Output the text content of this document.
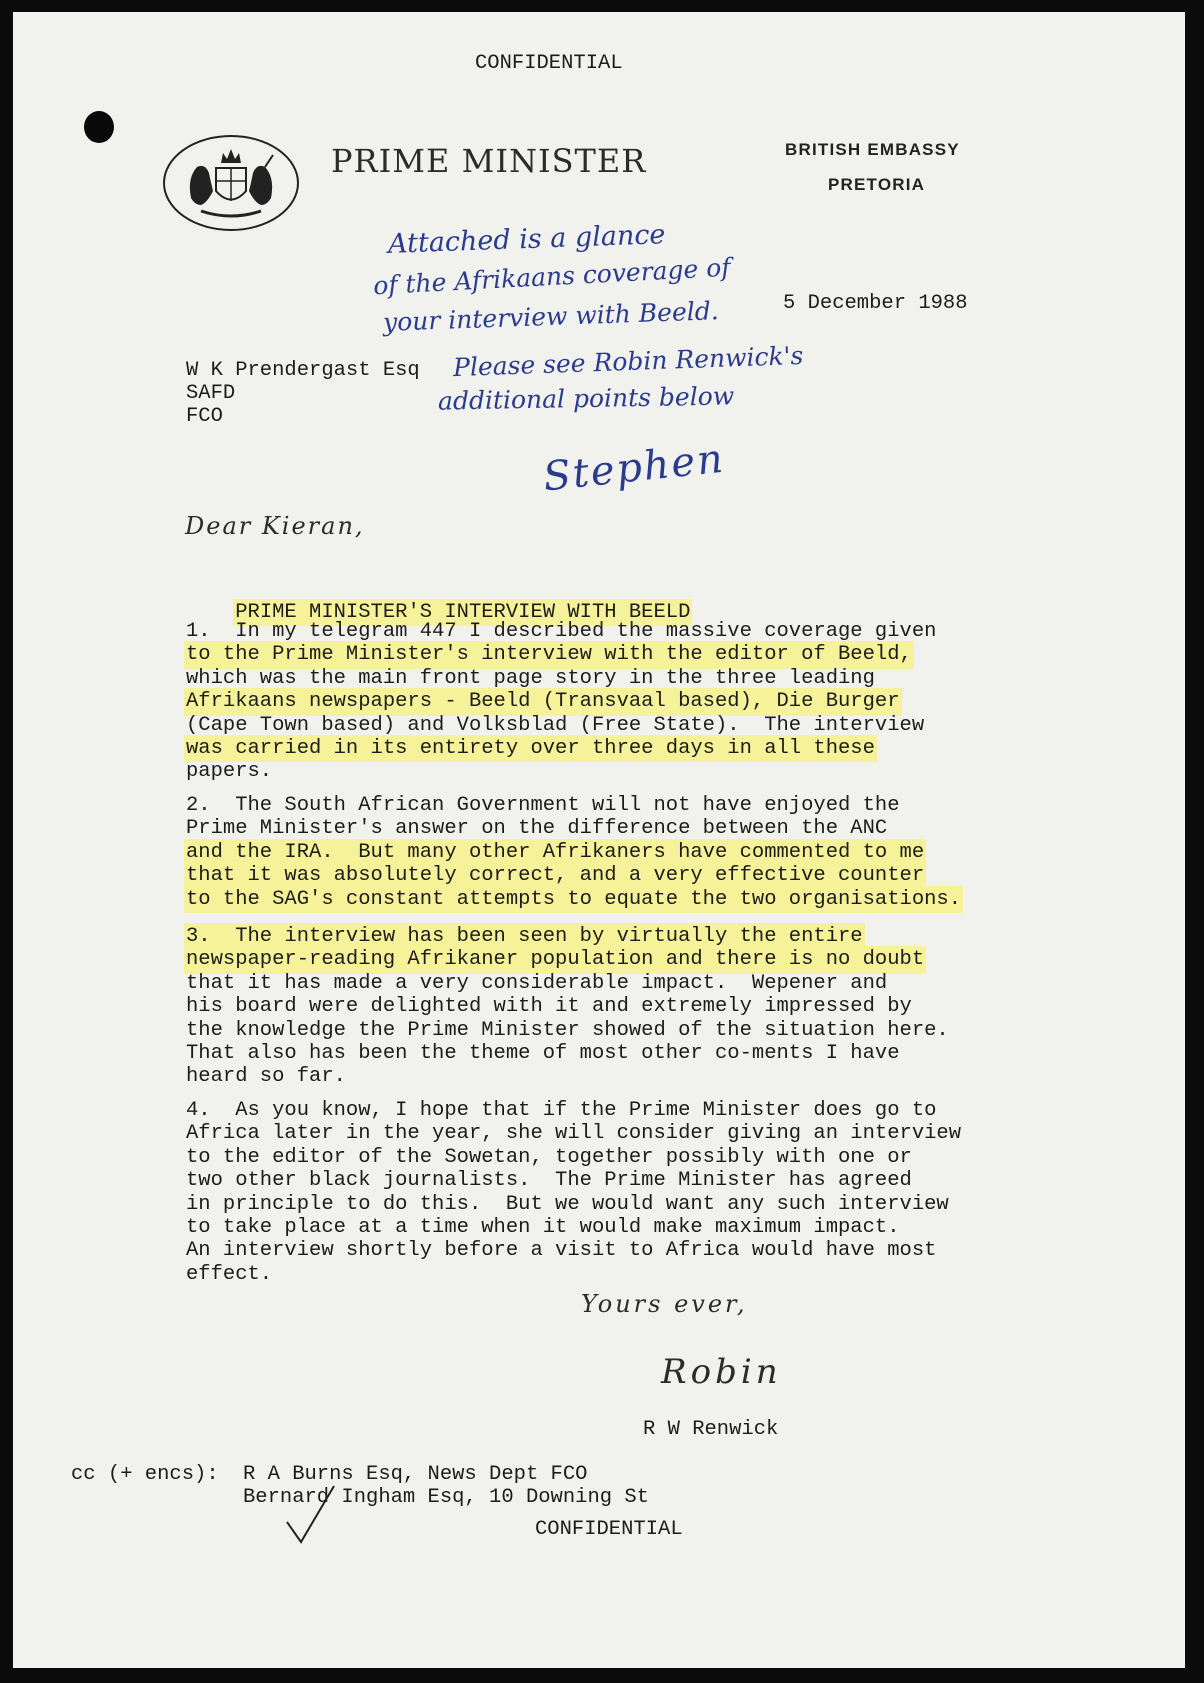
CONFIDENTIAL

BRITISH EMBASSY
PRETORIA
PRIME MINISTER
Attached is a glance
of the Afrikaans coverage of
your interview with Beeld.
Please see Robin Renwick's
additional points below
Stephen
5 December 1988
W K Prendergast Esq
SAFD
FCO
Dear Kieran,

PRIME MINISTER'S INTERVIEW WITH BEELD

1.  In my telegram 447 I described the massive coverage given
to the Prime Minister's interview with the editor of Beeld,
which was the main front page story in the three leading
Afrikaans newspapers - Beeld (Transvaal based), Die Burger
(Cape Town based) and Volksblad (Free State).  The interview
was carried in its entirety over three days in all these
papers.
2.  The South African Government will not have enjoyed the
Prime Minister's answer on the difference between the ANC
and the IRA.  But many other Afrikaners have commented to me that it was absolutely correct, and a very effective counter to the SAG's constant attempts to equate the two organisations.
3.  The interview has been seen by virtually the entire newspaper-reading Afrikaner population and there is no doubt
that it has made a very considerable impact.  Wepener and
his board were delighted with it and extremely impressed by
the knowledge the Prime Minister showed of the situation here.
That also has been the theme of most other co-ments I have
heard so far.
4.  As you know, I hope that if the Prime Minister does go to
Africa later in the year, she will consider giving an interview
to the editor of the Sowetan, together possibly with one or
two other black journalists.  The Prime Minister has agreed
in principle to do this.  But we would want any such interview
to take place at a time when it would make maximum impact.
An interview shortly before a visit to Africa would have most
effect.
Yours ever,
Robin
R W Renwick
cc (+ encs): R A Burns Esq, News Dept FCO
Bernard Ingham Esq, 10 Downing St

CONFIDENTIAL
